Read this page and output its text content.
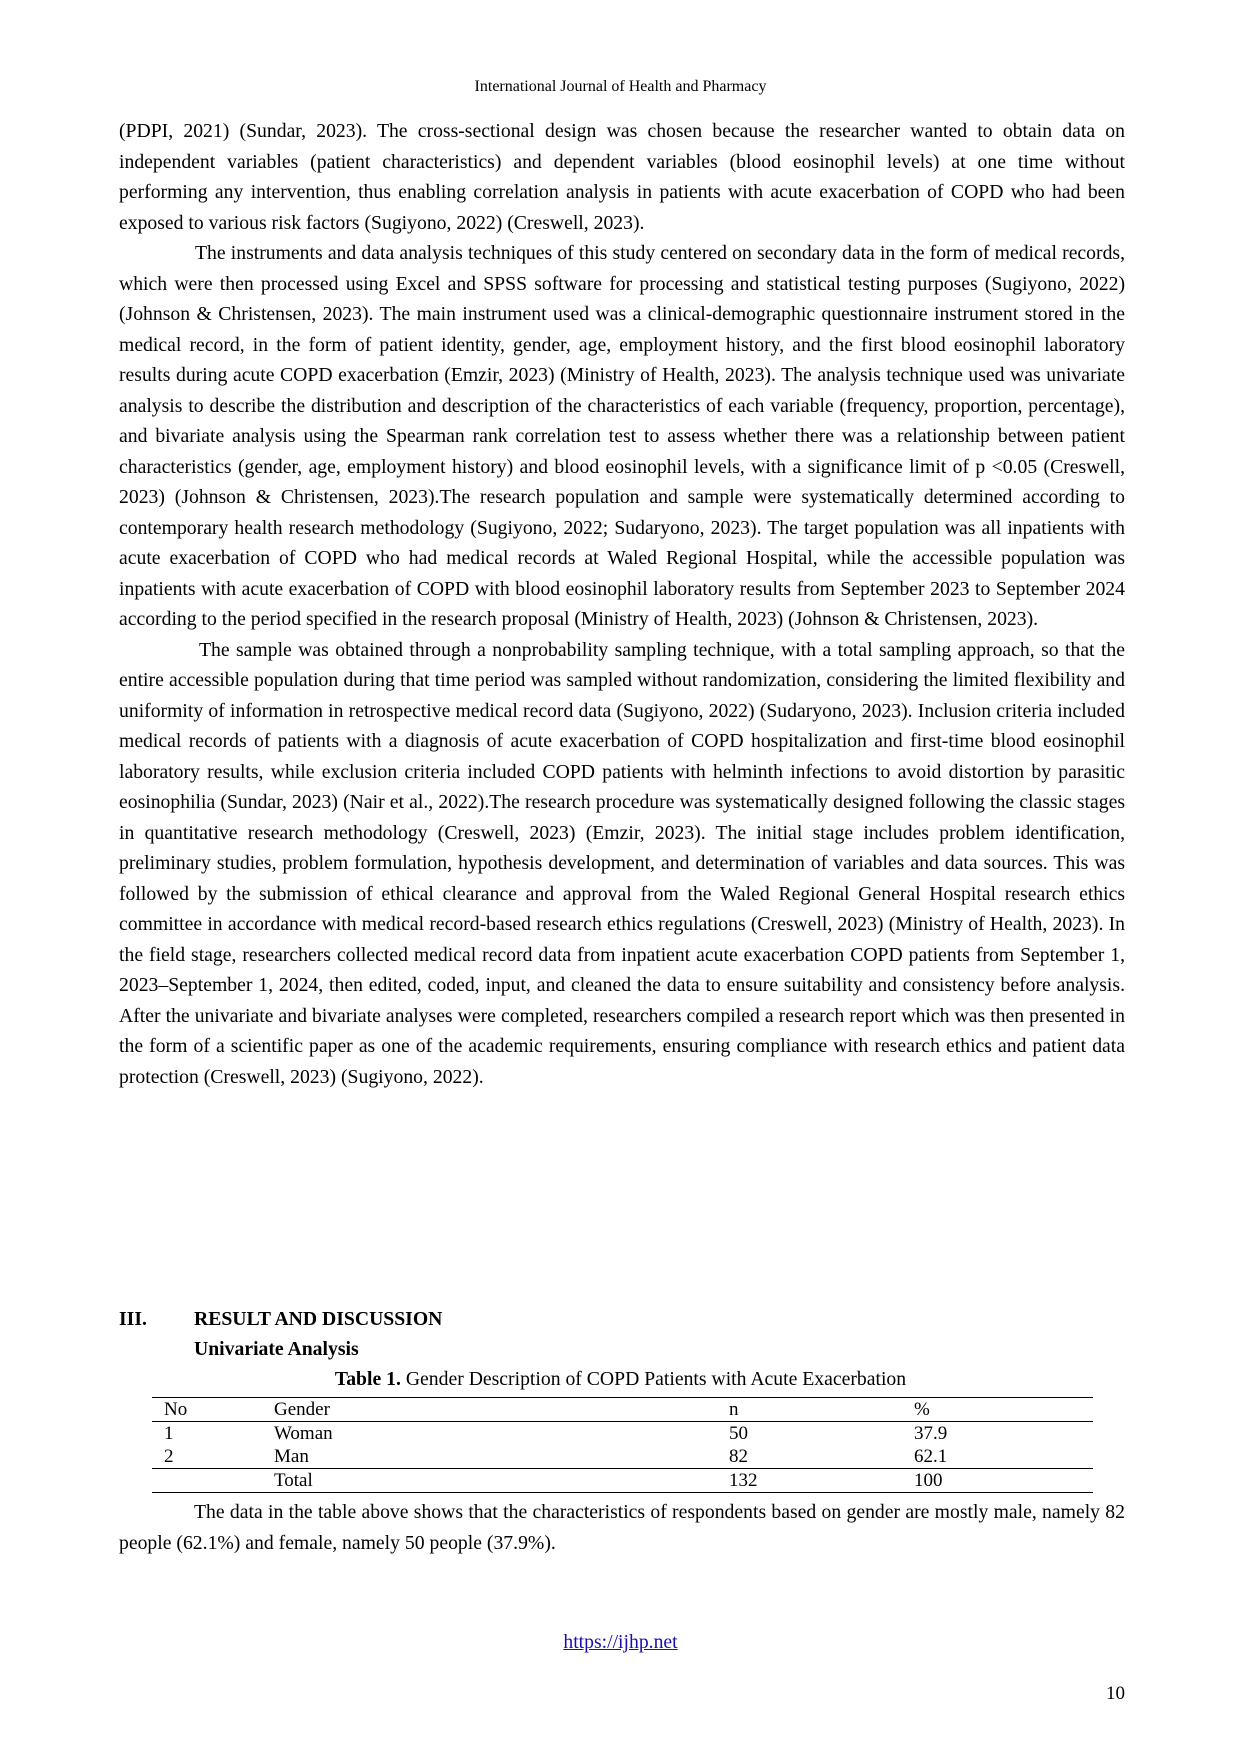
International Journal of Health and Pharmacy

(PDPI, 2021) (Sundar, 2023). The cross-sectional design was chosen because the researcher wanted to obtain data on independent variables (patient characteristics) and dependent variables (blood eosinophil levels) at one time without performing any intervention, thus enabling correlation analysis in patients with acute exacerbation of COPD who had been exposed to various risk factors (Sugiyono, 2022) (Creswell, 2023).

The instruments and data analysis techniques of this study centered on secondary data in the form of medical records, which were then processed using Excel and SPSS software for processing and statistical testing purposes (Sugiyono, 2022) (Johnson & Christensen, 2023). The main instrument used was a clinical-demographic questionnaire instrument stored in the medical record, in the form of patient identity, gender, age, employment history, and the first blood eosinophil laboratory results during acute COPD exacerbation (Emzir, 2023) (Ministry of Health, 2023). The analysis technique used was univariate analysis to describe the distribution and description of the characteristics of each variable (frequency, proportion, percentage), and bivariate analysis using the Spearman rank correlation test to assess whether there was a relationship between patient characteristics (gender, age, employment history) and blood eosinophil levels, with a significance limit of p <0.05 (Creswell, 2023) (Johnson & Christensen, 2023).The research population and sample were systematically determined according to contemporary health research methodology (Sugiyono, 2022; Sudaryono, 2023). The target population was all inpatients with acute exacerbation of COPD who had medical records at Waled Regional Hospital, while the accessible population was inpatients with acute exacerbation of COPD with blood eosinophil laboratory results from September 2023 to September 2024 according to the period specified in the research proposal (Ministry of Health, 2023) (Johnson & Christensen, 2023).

The sample was obtained through a nonprobability sampling technique, with a total sampling approach, so that the entire accessible population during that time period was sampled without randomization, considering the limited flexibility and uniformity of information in retrospective medical record data (Sugiyono, 2022) (Sudaryono, 2023). Inclusion criteria included medical records of patients with a diagnosis of acute exacerbation of COPD hospitalization and first-time blood eosinophil laboratory results, while exclusion criteria included COPD patients with helminth infections to avoid distortion by parasitic eosinophilia (Sundar, 2023) (Nair et al., 2022).The research procedure was systematically designed following the classic stages in quantitative research methodology (Creswell, 2023) (Emzir, 2023). The initial stage includes problem identification, preliminary studies, problem formulation, hypothesis development, and determination of variables and data sources. This was followed by the submission of ethical clearance and approval from the Waled Regional General Hospital research ethics committee in accordance with medical record-based research ethics regulations (Creswell, 2023) (Ministry of Health, 2023). In the field stage, researchers collected medical record data from inpatient acute exacerbation COPD patients from September 1, 2023–September 1, 2024, then edited, coded, input, and cleaned the data to ensure suitability and consistency before analysis. After the univariate and bivariate analyses were completed, researchers compiled a research report which was then presented in the form of a scientific paper as one of the academic requirements, ensuring compliance with research ethics and patient data protection (Creswell, 2023) (Sugiyono, 2022).

III. RESULT AND DISCUSSION
Univariate Analysis
Table 1. Gender Description of COPD Patients with Acute Exacerbation
No	Gender	n	%
1	Woman	50	37.9
2	Man	82	62.1
	Total	132	100

The data in the table above shows that the characteristics of respondents based on gender are mostly male, namely 82 people (62.1%) and female, namely 50 people (37.9%).

https://ijhp.net
10
